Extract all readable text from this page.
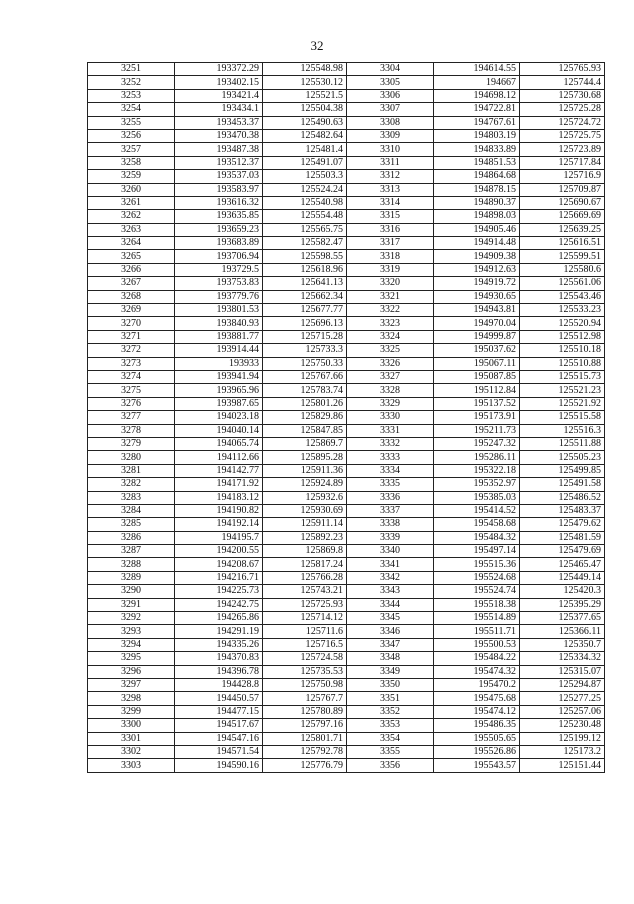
32
3251	193372.29	125548.98	3304	194614.55	125765.93
3252	193402.15	125530.12	3305	194667	125744.4
3253	193421.4	125521.5	3306	194698.12	125730.68
3254	193434.1	125504.38	3307	194722.81	125725.28
3255	193453.37	125490.63	3308	194767.61	125724.72
3256	193470.38	125482.64	3309	194803.19	125725.75
3257	193487.38	125481.4	3310	194833.89	125723.89
3258	193512.37	125491.07	3311	194851.53	125717.84
3259	193537.03	125503.3	3312	194864.68	125716.9
3260	193583.97	125524.24	3313	194878.15	125709.87
3261	193616.32	125540.98	3314	194890.37	125690.67
3262	193635.85	125554.48	3315	194898.03	125669.69
3263	193659.23	125565.75	3316	194905.46	125639.25
3264	193683.89	125582.47	3317	194914.48	125616.51
3265	193706.94	125598.55	3318	194909.38	125599.51
3266	193729.5	125618.96	3319	194912.63	125580.6
3267	193753.83	125641.13	3320	194919.72	125561.06
3268	193779.76	125662.34	3321	194930.65	125543.46
3269	193801.53	125677.77	3322	194943.81	125533.23
3270	193840.93	125696.13	3323	194970.04	125520.94
3271	193881.77	125715.28	3324	194999.87	125512.98
3272	193914.44	125733.3	3325	195037.62	125510.18
3273	193933	125750.33	3326	195067.11	125510.88
3274	193941.94	125767.66	3327	195087.85	125515.73
3275	193965.96	125783.74	3328	195112.84	125521.23
3276	193987.65	125801.26	3329	195137.52	125521.92
3277	194023.18	125829.86	3330	195173.91	125515.58
3278	194040.14	125847.85	3331	195211.73	125516.3
3279	194065.74	125869.7	3332	195247.32	125511.88
3280	194112.66	125895.28	3333	195286.11	125505.23
3281	194142.77	125911.36	3334	195322.18	125499.85
3282	194171.92	125924.89	3335	195352.97	125491.58
3283	194183.12	125932.6	3336	195385.03	125486.52
3284	194190.82	125930.69	3337	195414.52	125483.37
3285	194192.14	125911.14	3338	195458.68	125479.62
3286	194195.7	125892.23	3339	195484.32	125481.59
3287	194200.55	125869.8	3340	195497.14	125479.69
3288	194208.67	125817.24	3341	195515.36	125465.47
3289	194216.71	125766.28	3342	195524.68	125449.14
3290	194225.73	125743.21	3343	195524.74	125420.3
3291	194242.75	125725.93	3344	195518.38	125395.29
3292	194265.86	125714.12	3345	195514.89	125377.65
3293	194291.19	125711.6	3346	195511.71	125366.11
3294	194335.26	125716.5	3347	195500.53	125350.7
3295	194370.83	125724.58	3348	195484.22	125334.32
3296	194396.78	125735.53	3349	195474.32	125315.07
3297	194428.8	125750.98	3350	195470.2	125294.87
3298	194450.57	125767.7	3351	195475.68	125277.25
3299	194477.15	125780.89	3352	195474.12	125257.06
3300	194517.67	125797.16	3353	195486.35	125230.48
3301	194547.16	125801.71	3354	195505.65	125199.12
3302	194571.54	125792.78	3355	195526.86	125173.2
3303	194590.16	125776.79	3356	195543.57	125151.44
